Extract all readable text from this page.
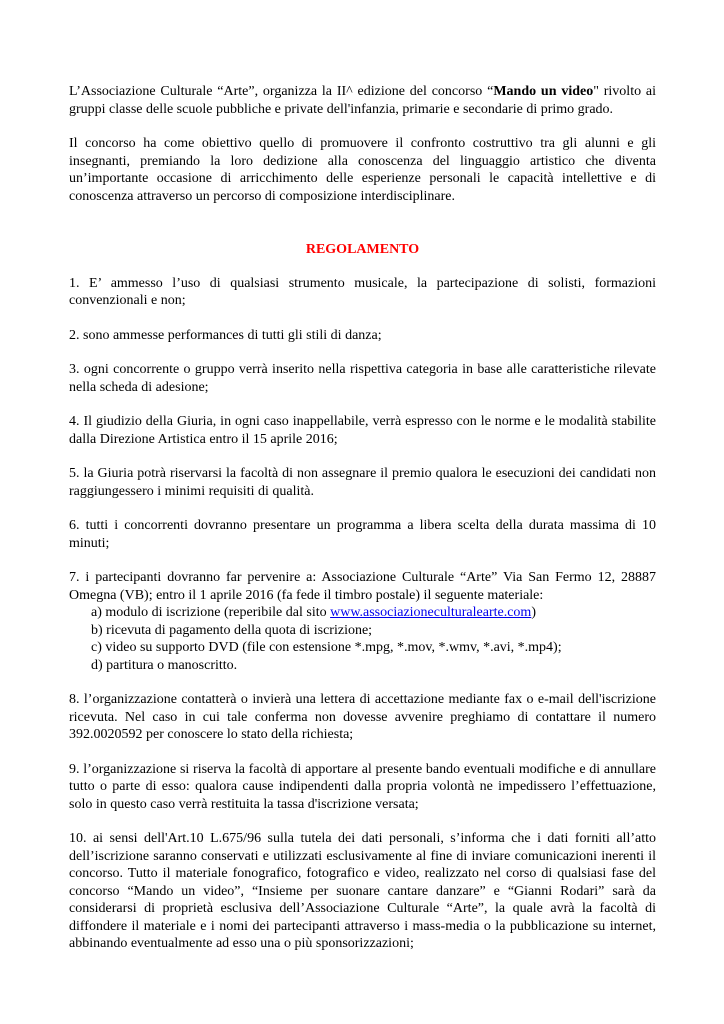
L’Associazione Culturale “Arte”, organizza la II^ edizione del concorso “Mando un video" rivolto ai gruppi classe delle scuole pubbliche e private dell'infanzia, primarie e secondarie di primo grado.

Il concorso ha come obiettivo quello di promuovere il confronto costruttivo tra gli alunni e gli insegnanti, premiando la loro dedizione alla conoscenza del linguaggio artistico che diventa un’importante occasione di arricchimento delle esperienze personali le capacità intellettive e di conoscenza attraverso un percorso di composizione interdisciplinare.

REGOLAMENTO

1. E’ ammesso l’uso di qualsiasi strumento musicale, la partecipazione di solisti, formazioni convenzionali e non;

2. sono ammesse performances di tutti gli stili di danza;

3. ogni concorrente o gruppo verrà inserito nella rispettiva categoria in base alle caratteristiche rilevate nella scheda di adesione;

4. Il giudizio della Giuria, in ogni caso inappellabile, verrà espresso con le norme e le modalità stabilite dalla Direzione Artistica entro il 15 aprile 2016;

5. la Giuria potrà riservarsi la facoltà di non assegnare il premio qualora le esecuzioni dei candidati non raggiungessero i minimi requisiti di qualità.

6. tutti i concorrenti dovranno presentare un programma a libera scelta della durata massima di 10 minuti;

7. i partecipanti dovranno far pervenire a: Associazione Culturale “Arte” Via San Fermo 12, 28887 Omegna (VB); entro il 1 aprile 2016 (fa fede il timbro postale) il seguente materiale:

a) modulo di iscrizione (reperibile dal sito www.associazioneculturalearte.com)
b) ricevuta di pagamento della quota di iscrizione;
c) video su supporto DVD (file con estensione *.mpg, *.mov, *.wmv, *.avi, *.mp4);
d) partitura o manoscritto.

8. l’organizzazione contatterà o invierà una lettera di accettazione mediante fax o e-mail dell'iscrizione ricevuta. Nel caso in cui tale conferma non dovesse avvenire preghiamo di contattare il numero 392.0020592 per conoscere lo stato della richiesta;

9. l’organizzazione si riserva la facoltà di apportare al presente bando eventuali modifiche e di annullare tutto o parte di esso: qualora cause indipendenti dalla propria volontà ne impedissero l’effettuazione, solo in questo caso verrà restituita la tassa d'iscrizione versata;

10. ai sensi dell'Art.10 L.675/96 sulla tutela dei dati personali, s’informa che i dati forniti all’atto dell’iscrizione saranno conservati e utilizzati esclusivamente al fine di inviare comunicazioni inerenti il concorso. Tutto il materiale fonografico, fotografico e video, realizzato nel corso di qualsiasi fase del concorso “Mando un video”, “Insieme per suonare cantare danzare” e “Gianni Rodari” sarà da considerarsi di proprietà esclusiva dell’Associazione Culturale “Arte”, la quale avrà la facoltà di diffondere il materiale e i nomi dei partecipanti attraverso i mass-media o la pubblicazione su internet, abbinando eventualmente ad esso una o più sponsorizzazioni;
